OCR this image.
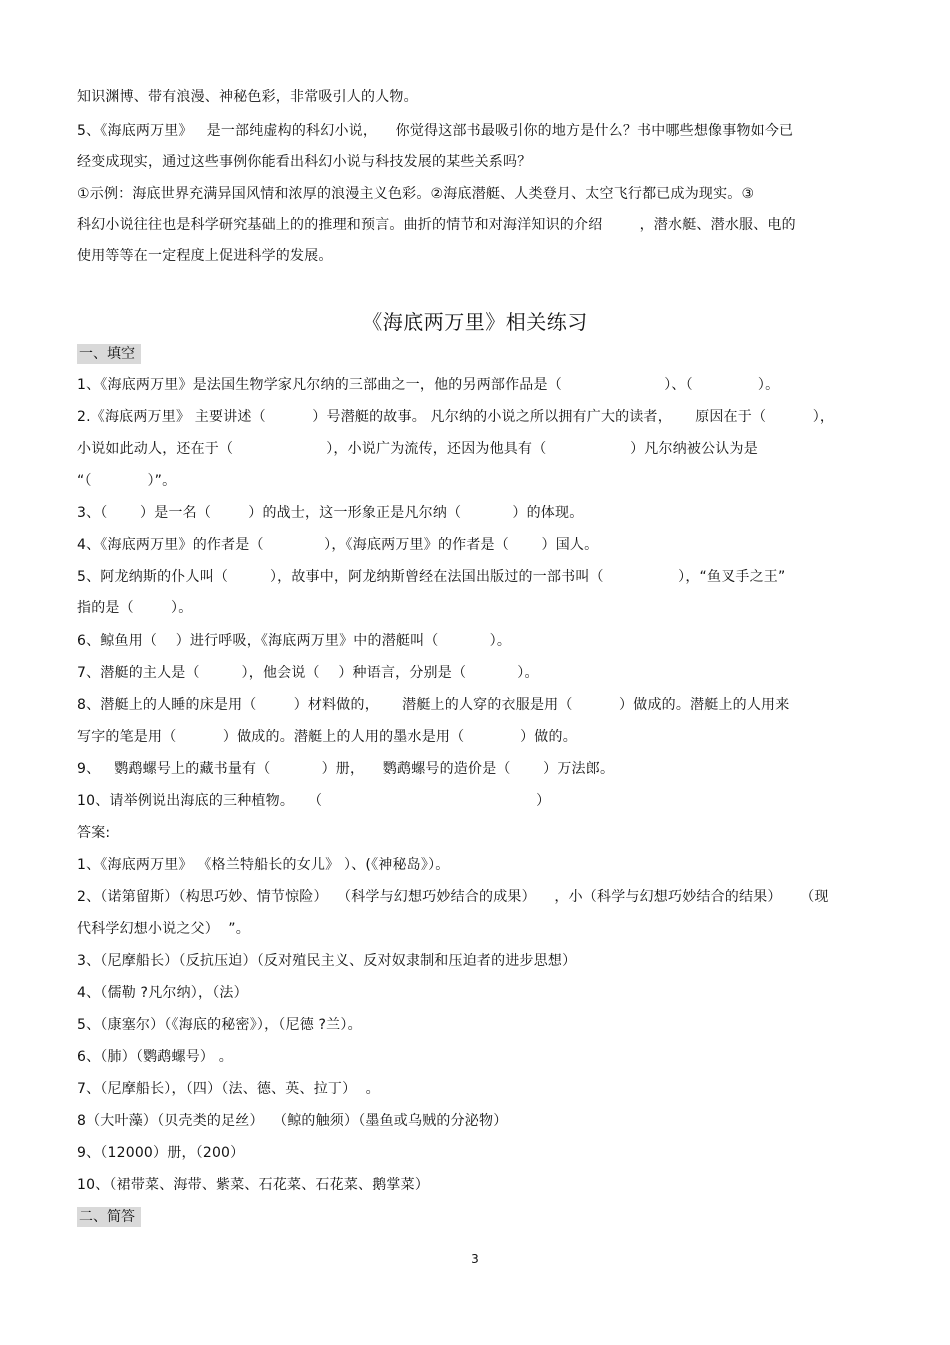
知识渊博、带有浪漫、神秘色彩，非常吸引人的人物。
5、《海底两万里》   是一部纯虚构的科幻小说，    你觉得这部书最吸引你的地方是什么？书中哪些想像事物如今已
经变成现实，通过这些事例你能看出科幻小说与科技发展的某些关系吗？
①示例：海底世界充满异国风情和浓厚的浪漫主义色彩。②海底潜艇、人类登月、太空飞行都已成为现实。③
科幻小说往往也是科学研究基础上的的推理和预言。曲折的情节和对海洋知识的介绍        ，潜水艇、潜水服、电的
使用等等在一定程度上促进科学的发展。
《海底两万里》相关练习
一、填空
1、《海底两万里》是法国生物学家凡尔纳的三部曲之一，他的另两部作品是（                      ）、（              ）。
2.《海底两万里》 主要讲述（          ）号潜艇的故事。 凡尔纳的小说之所以拥有广大的读者，     原因在于（          ），
小说如此动人，还在于（                    ），小说广为流传，还因为他具有（                  ）凡尔纳被公认为是
“（            ）”。
3、（       ）是一名（        ）的战士，这一形象正是凡尔纳（           ）的体现。
4、《海底两万里》的作者是（             ），《海底两万里》的作者是（       ）国人。
5、阿龙纳斯的仆人叫（         ），故事中，阿龙纳斯曾经在法国出版过的一部书叫（                ），“鱼叉手之王”
指的是（        ）。
6、鲸鱼用（    ）进行呼吸，《海底两万里》中的潜艇叫（           ）。
7、潜艇的主人是（         ），他会说（    ）种语言，分别是（           ）。
8、潜艇上的人睡的床是用（        ）材料做的，     潜艇上的人穿的衣服是用（          ）做成的。潜艇上的人用来
写字的笔是用（          ）做成的。潜艇上的人用的墨水是用（            ）做的。
9、   鹦鹉螺号上的藏书量有（           ）册，    鹦鹉螺号的造价是（       ）万法郎。
10、请举例说出海底的三种植物。   （                                              ）
答案:
1、《海底两万里》 《格兰特船长的女儿》 ）、(《神秘岛》）。
2、（诺第留斯）（构思巧妙、情节惊险）  （科学与幻想巧妙结合的成果）    ，小（科学与幻想巧妙结合的结果）    （现
代科学幻想小说之父）  ”。
3、（尼摩船长）（反抗压迫）（反对殖民主义、反对奴隶制和压迫者的进步思想）
4、（儒勒 ?凡尔纳），（法）
5、（康塞尔）（《海底的秘密》），（尼德 ?兰）。
6、（肺）（鹦鹉螺号） 。
7、（尼摩船长），（四）（法、德、英、拉丁）  。
8（大叶藻）（贝壳类的足丝）  （鲸的触须）（墨鱼或乌贼的分泌物）
9、（12000）册，（200）
10、（裙带菜、海带、紫菜、石花菜、石花菜、鹅掌菜）
二、简答
3
